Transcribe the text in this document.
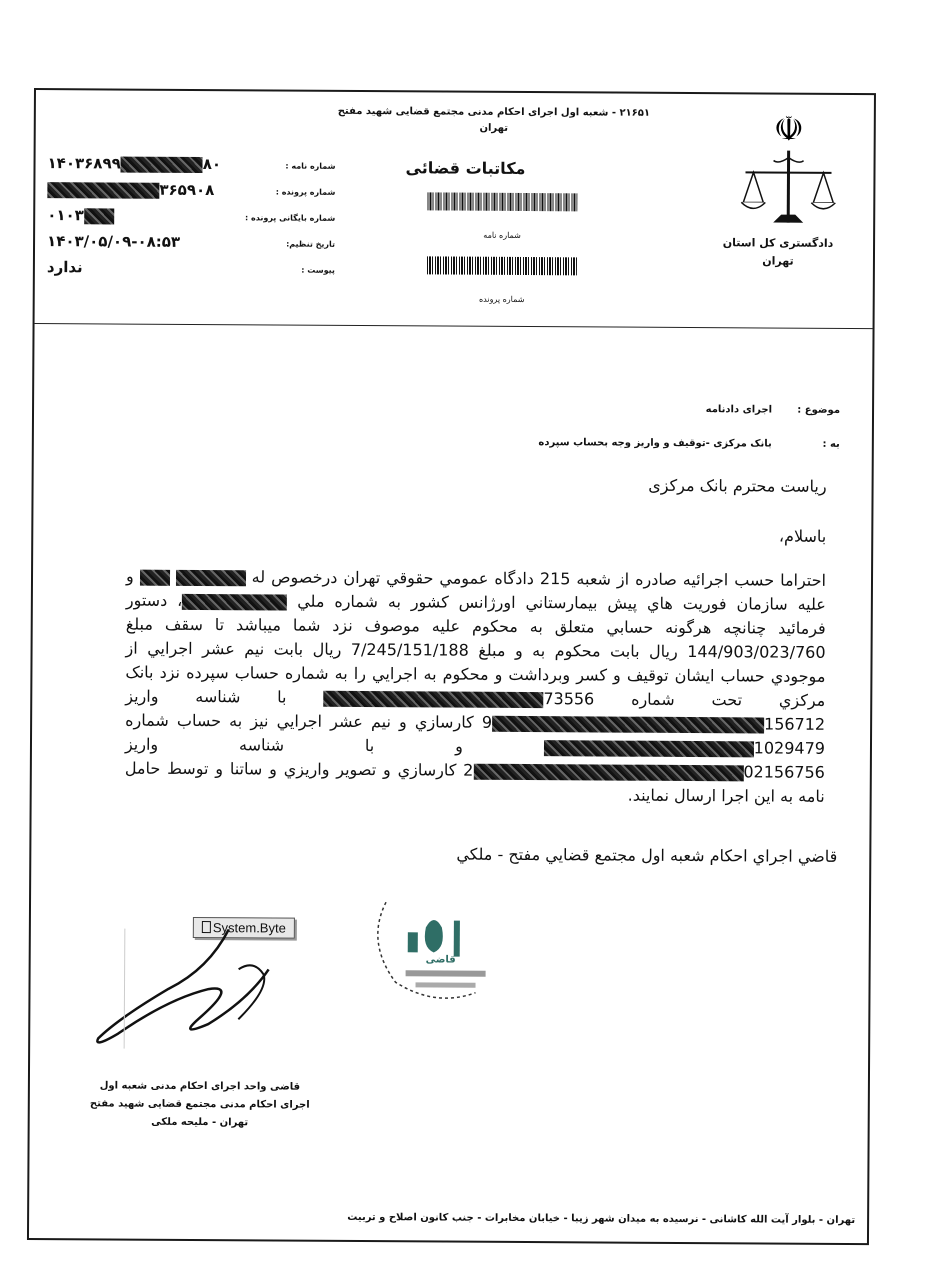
☫
دادگستری کل استان
تهران
۲۱۶۵۱ - شعبه اول اجرای احکام مدنی مجتمع قضایی شهید مفتح
تهران
مکاتبات قضائی
شماره نامه
شماره پرونده
شماره نامه :
شماره پرونده :
شماره بایگانی پرونده :
تاریخ تنظیم:
پیوست :
۱۴۰۳۶۸۹۹	۸۰
۳۶۵۹۰۸
۰۱۰۳
۱۴۰۳/۰۵/۰۹-۰۸:۵۳
ندارد
موضوع :
اجرای دادنامه
به :
بانک مرکزی -توقیف و واریز وجه بحساب سپرده
ریاست محترم بانک مرکزی
باسلام،

احتراما حسب اجرائیه صادره از شعبه 215 دادگاه عمومي حقوقي تهران درخصوص له   و

علیه سازمان فوریت هاي پیش بیمارستاني اورژانس کشور به شماره ملي ، دستور

فرمائید چنانچه هرگونه حسابي متعلق به محکوم علیه موصوف نزد شما میباشد تا سقف مبلغ

144/903/023/760 ريال بابت محکوم به و مبلغ 7/245/151/188 ريال بابت نیم عشر اجرایي از

موجودي حساب ایشان توقیف و کسر وبرداشت و محکوم به اجرایي را به شماره حساب سپرده نزد بانک

مرکزي تحت شماره 73556 با شناسه واریز

1567129 کارسازي و نیم عشر اجرایي نیز به حساب شماره

1029479 و با شناسه واریز

021567562 کارسازي و تصویر واریزي و ساتنا و توسط حامل

نامه به این اجرا ارسال نمایند.

قاضي اجراي احکام شعبه اول مجتمع قضایي مفتح - ملکي
System.Byte
قاضی
قاضی واحد اجرای احکام مدنی شعبه اول
اجرای احکام مدنی مجتمع قضایی شهید مفتح
تهران - ملیحه ملکی
تهران - بلوار آیت الله کاشانی - نرسیده به میدان شهر زیبا - خیابان مخابرات - جنب کانون اصلاح و تربیت
